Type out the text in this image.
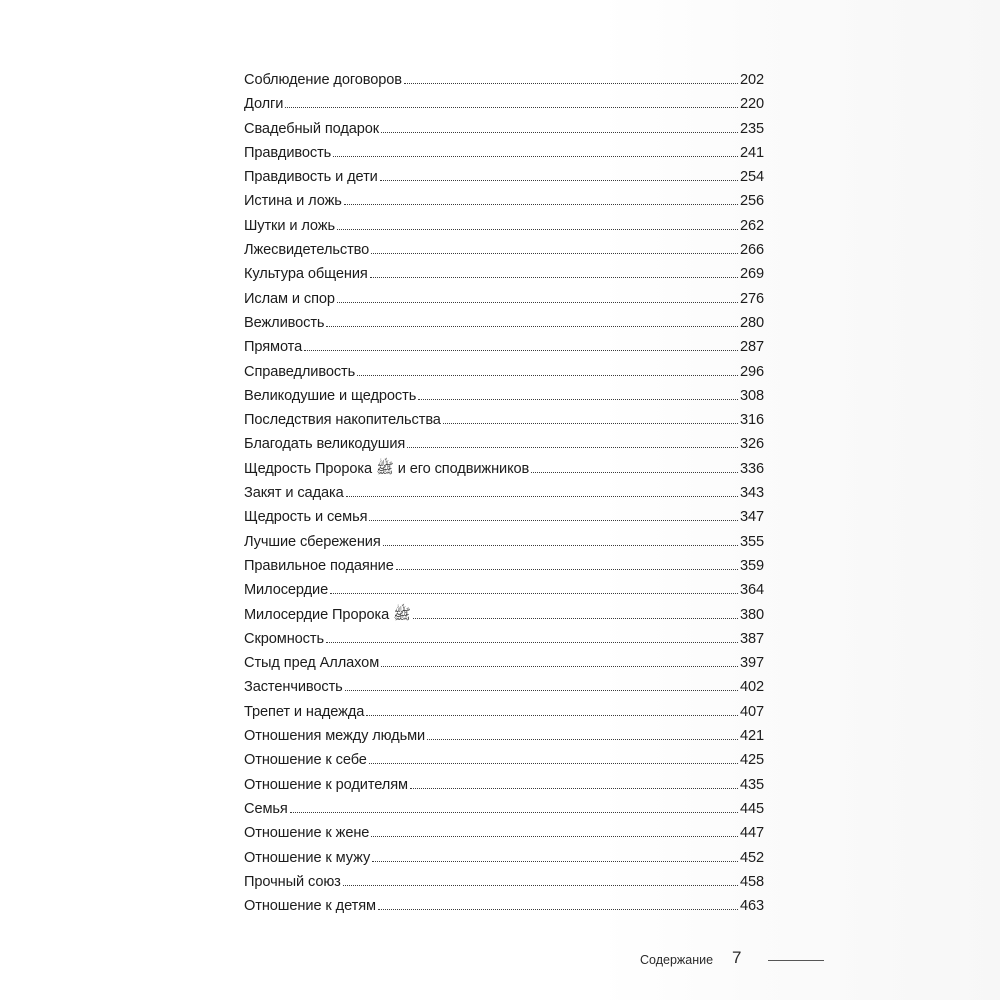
Соблюдение договоров	202
Долги	220
Свадебный подарок	235
Правдивость	241
Правдивость и дети	254
Истина и ложь	256
Шутки и ложь	262
Лжесвидетельство	266
Культура общения	269
Ислам и спор	276
Вежливость	280
Прямота	287
Справедливость	296
Великодушие и щедрость	308
Последствия накопительства	316
Благодать великодушия	326
Щедрость Пророка ﷺ и его сподвижников	336
Закят и садака	343
Щедрость и семья	347
Лучшие сбережения	355
Правильное подаяние	359
Милосердие	364
Милосердие Пророка ﷺ	380
Скромность	387
Стыд пред Аллахом	397
Застенчивость	402
Трепет и надежда	407
Отношения между людьми	421
Отношение к себе	425
Отношение к родителям	435
Семья	445
Отношение к жене	447
Отношение к мужу	452
Прочный союз	458
Отношение к детям	463
Содержание 7
